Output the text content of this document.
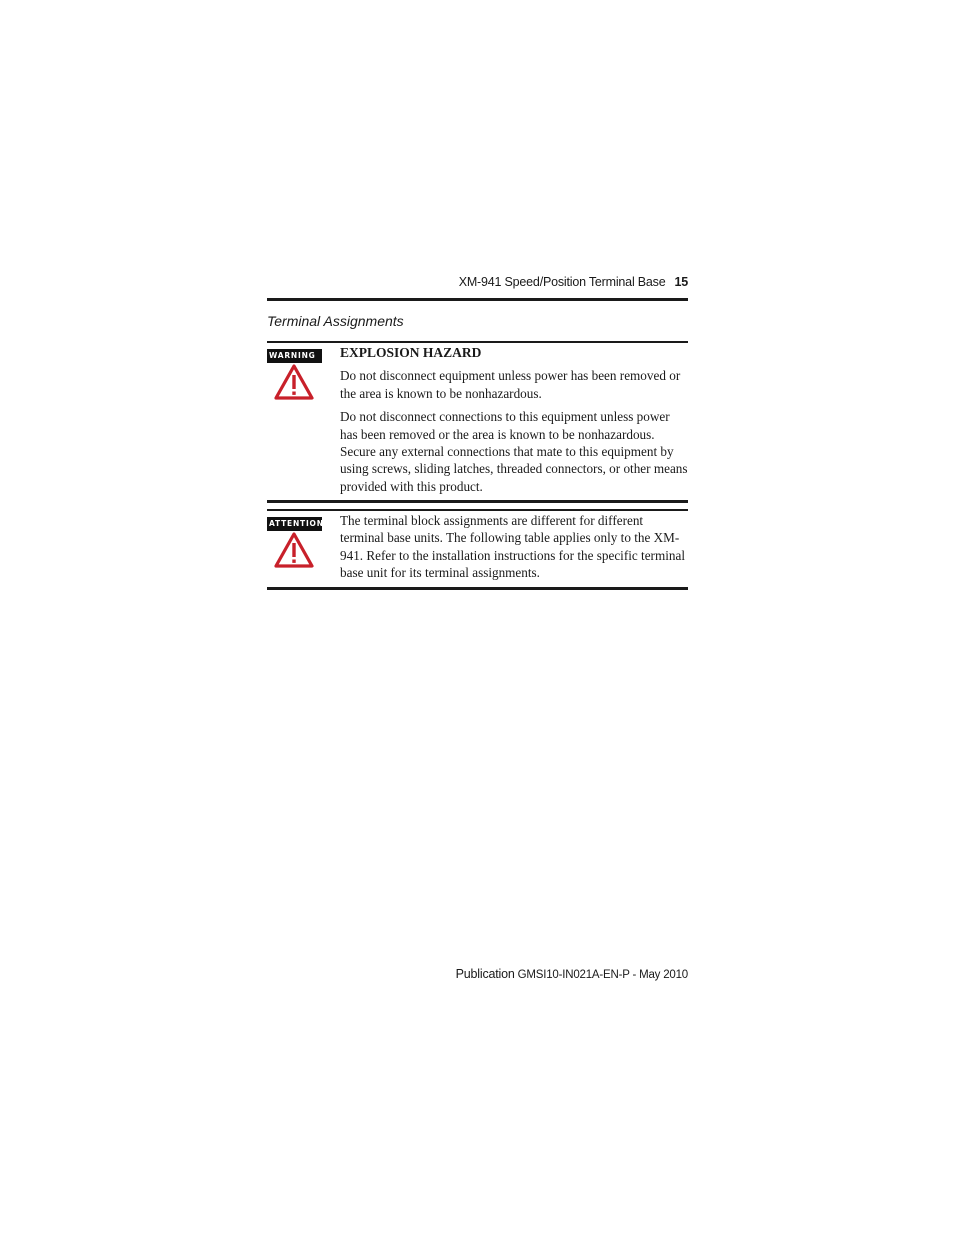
XM-941 Speed/Position Terminal Base 15
Terminal Assignments
WARNING	EXPLOSION HAZARD

Do not disconnect equipment unless power has been removed or the area is known to be nonhazardous.

Do not disconnect connections to this equipment unless power has been removed or the area is known to be nonhazardous. Secure any external connections that mate to this equipment by using screws, sliding latches, threaded connectors, or other means provided with this product.

ATTENTION The terminal block assignments are different for different terminal base units. The following table applies only to the XM-941. Refer to the installation instructions for the specific terminal base unit for its terminal assignments.

Publication GMSI10-IN021A-EN-P - May 2010
